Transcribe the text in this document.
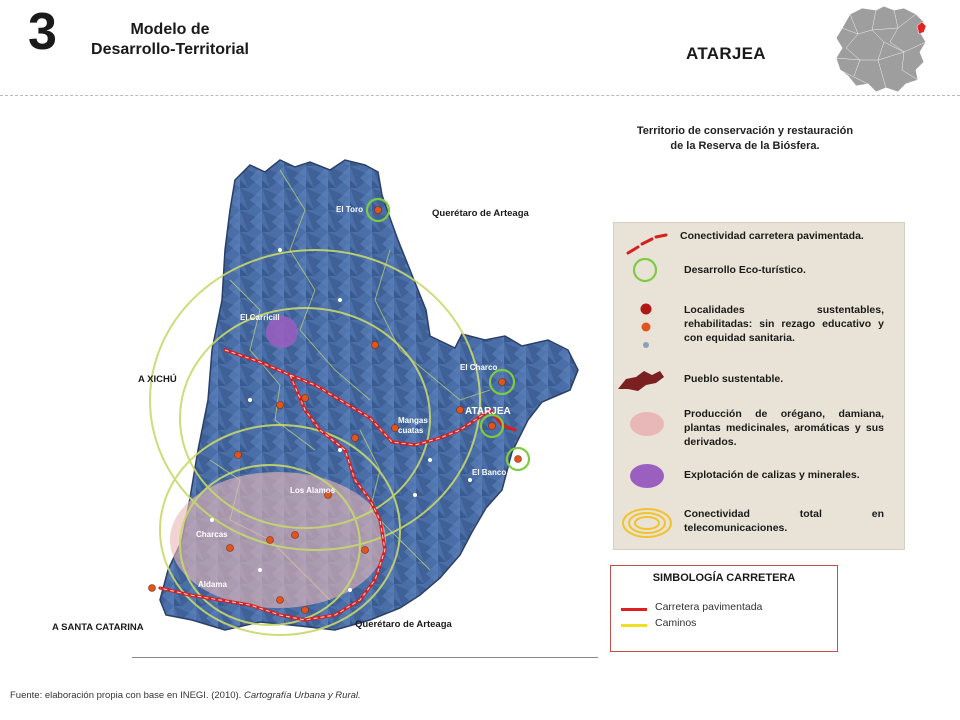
3	Modelo de
Desarrollo-Territorial	ATARJEA
El Toro
El Carricill
El Charco
Mangas cuatas
El Banco
Los Alamos
Charcas
Aldama
ATARJEA
Querétaro de Arteaga
Querétaro de Arteaga
A XICHÚ
A SANTA CATARINA
Territorio de conservación y restauración de la Reserva de la Biósfera.
Conectividad carretera pavimentada.
Desarrollo Eco-turístico.
Localidades sustentables, rehabilitadas: sin rezago educativo y con equidad sanitaria.
Pueblo sustentable.
Producción de orégano, damiana, plantas medicinales, aromáticas y sus derivados.
Explotación de calizas y minerales.
Conectividad total en telecomunicaciones.
SIMBOLOGÍA CARRETERA
Carretera pavimentada
Caminos
Fuente: elaboración propia con base en INEGI. (2010). Cartografía Urbana y Rural.
